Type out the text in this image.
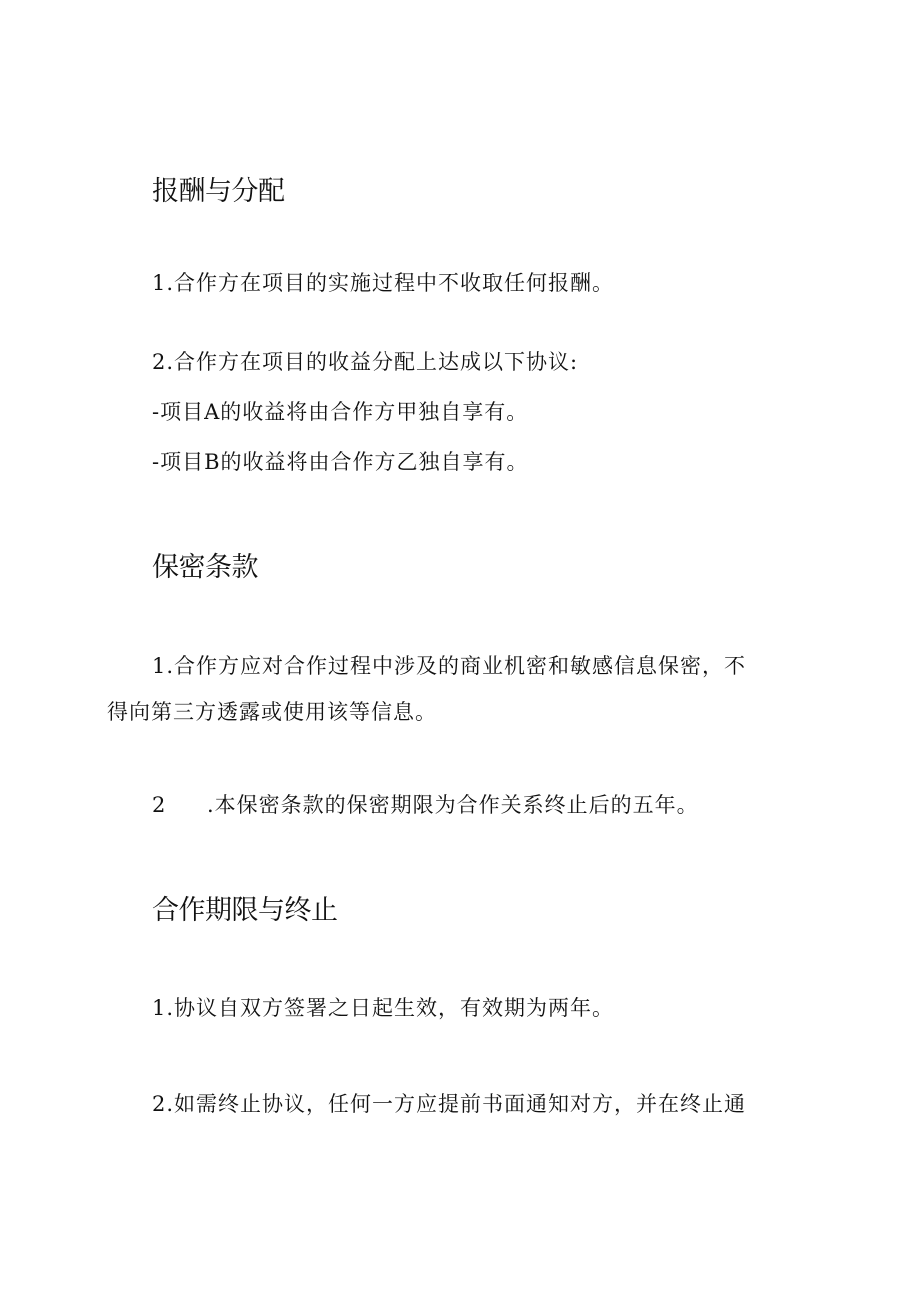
报酬与分配

1.合作方在项目的实施过程中不收取任何报酬。

2.合作方在项目的收益分配上达成以下协议:

-项目A的收益将由合作方甲独自享有。

-项目B的收益将由合作方乙独自享有。

保密条款

1.合作方应对合作过程中涉及的商业机密和敏感信息保密，不

得向第三方透露或使用该等信息。

2 .本保密条款的保密期限为合作关系终止后的五年。

合作期限与终止

1.协议自双方签署之日起生效，有效期为两年。

2.如需终止协议，任何一方应提前书面通知对方，并在终止通
